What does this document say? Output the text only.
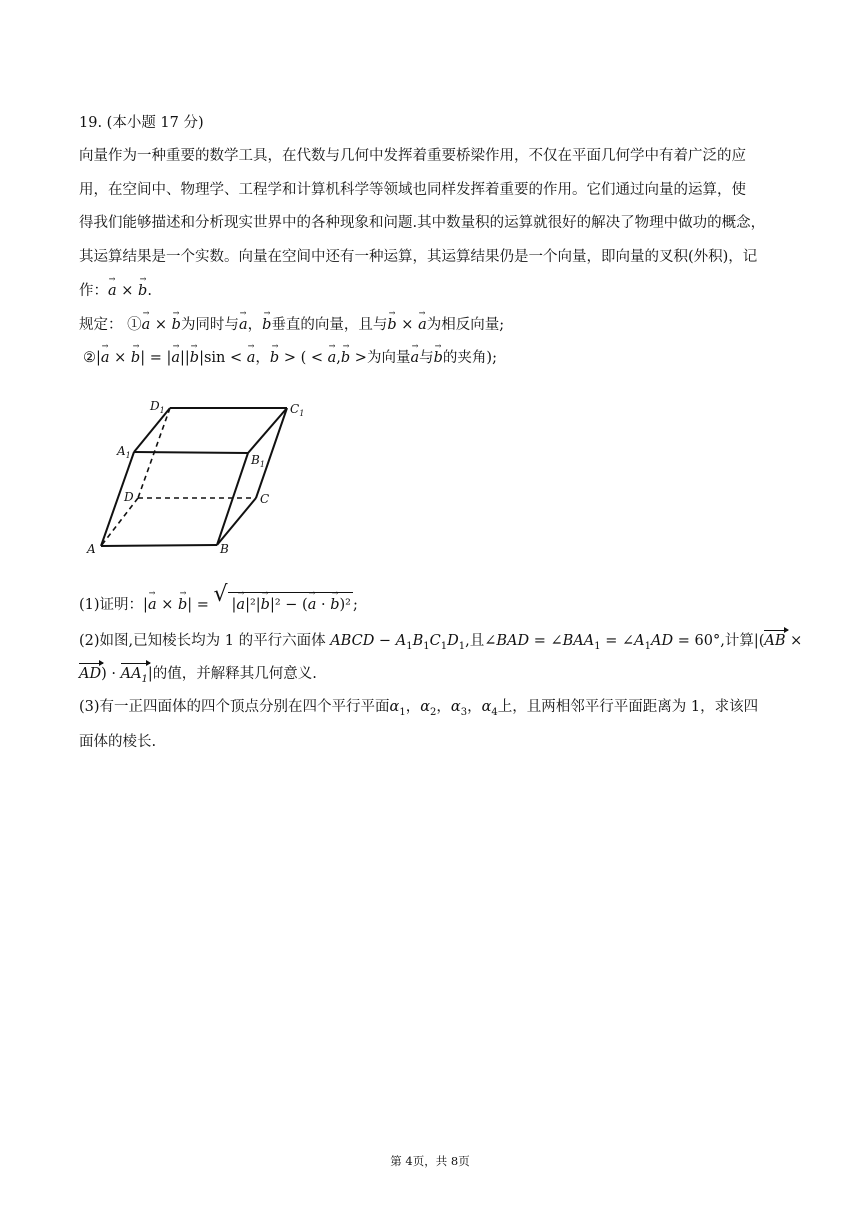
19. (本小题 17 分)
向量作为一种重要的数学工具，在代数与几何中发挥着重要桥梁作用，不仅在平面几何学中有着广泛的应
用，在空间中、物理学、工程学和计算机科学等领域也同样发挥着重要的作用。它们通过向量的运算，使
得我们能够描述和分析现实世界中的各种现象和问题.其中数量积的运算就很好的解决了物理中做功的概念，
其运算结果是一个实数。向量在空间中还有一种运算，其运算结果仍是一个向量，即向量的叉积(外积)，记
作：→ a × → b.
规定： ①→ a × → b为同时与→ a，→ b垂直的向量，且与→ b × → a为相反向量;
②|→ a × → b| = |→ a||→ b|sin < → a，→ b > ( < → a,→ b >为向量→ a与→ b的夹角);
$D_1$	$C_1$
$A_1$	$B_1$
D	C
A	B
(1)证明：|→ a × → b| = √ |→ a|²|→ b|² − (→ a · → b)² ;
(2)如图,已知棱长均为 1 的平行六面体 ABCD − $A_1B_1C_1D_1$,且∠BAD = $\angle BAA_1$ = $\angle A_1AD = 60^\circ$,计算|(AB ×
$AD) \cdot AA_1|$的值，并解释其几何意义.
(3)有一正四面体的四个顶点分别在四个平行平面$\alpha_1$，$\alpha_2$，$\alpha_3$，$\alpha_4$上，且两相邻平行平面距离为 1，求该四
面体的棱长.
第 4页，共 8页
